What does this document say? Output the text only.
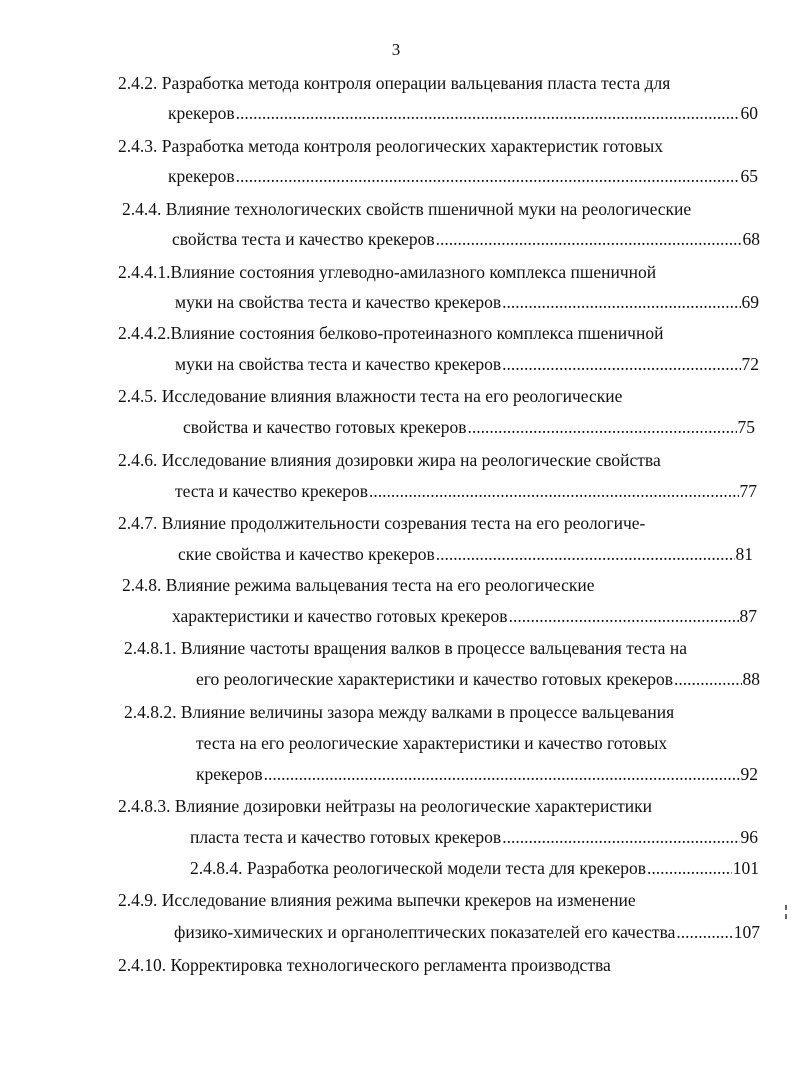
3
2.4.2. Разработка метода контроля операции вальцевания пласта теста для
крекеров .....	60
2.4.3. Разработка метода контроля реологических характеристик готовых
крекеров .....	65
2.4.4. Влияние технологических свойств пшеничной муки на реологические
свойства теста и качество крекеров .....	68
2.4.4.1.Влияние состояния углеводно-амилазного комплекса пшеничной
муки на свойства теста и качество крекеров .....	69
2.4.4.2.Влияние состояния белково-протеиназного комплекса пшеничной
муки на свойства теста и качество крекеров .....	72
2.4.5. Исследование влияния влажности теста на его реологические
свойства и качество готовых крекеров .....	75
2.4.6. Исследование влияния дозировки жира на реологические свойства
теста и качество крекеров .....	77
2.4.7. Влияние продолжительности созревания теста на его реологиче-
ские свойства и качество крекеров .....	81
2.4.8. Влияние режима вальцевания теста на его реологические
характеристики и качество готовых крекеров .....	87
2.4.8.1. Влияние частоты вращения валков в процессе вальцевания теста на
его реологические характеристики и качество готовых крекеров .....	88
2.4.8.2. Влияние величины зазора между валками в процессе вальцевания
теста на его реологические характеристики и качество готовых
крекеров .....	92
2.4.8.3. Влияние дозировки нейтразы на реологические характеристики
пласта теста и качество готовых крекеров .....	96
2.4.8.4. Разработка реологической модели теста для крекеров .....	101
2.4.9. Исследование влияния режима выпечки крекеров на изменение
физико-химических и органолептических показателей его качества .....	107
2.4.10. Корректировка технологического регламента производства
